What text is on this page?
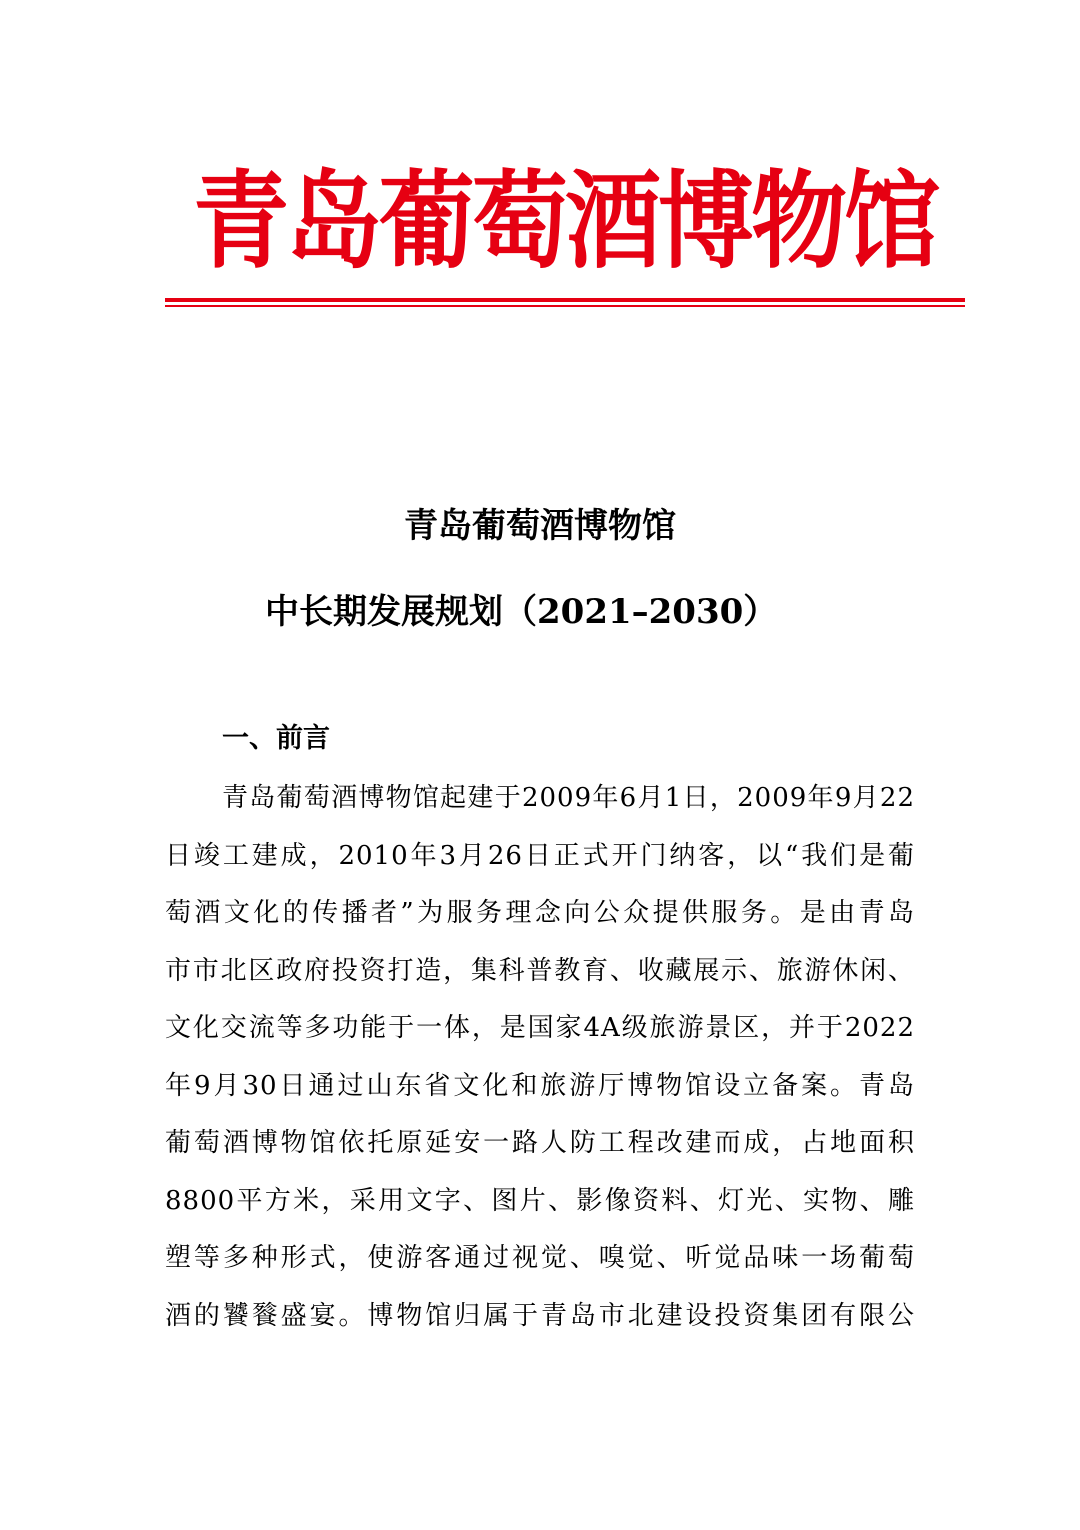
青岛葡萄酒博物馆
青岛葡萄酒博物馆
中长期发展规划（2021–2030）
一、前言
青岛葡萄酒博物馆起建于2009年6月1日，2009年9月22
日竣工建成，2010年3月26日正式开门纳客，以“我们是葡
萄酒文化的传播者”为服务理念向公众提供服务。是由青岛
市市北区政府投资打造，集科普教育、收藏展示、旅游休闲、
文化交流等多功能于一体，是国家4A级旅游景区，并于2022
年9月30日通过山东省文化和旅游厅博物馆设立备案。青岛
葡萄酒博物馆依托原延安一路人防工程改建而成，占地面积
8800平方米，采用文字、图片、影像资料、灯光、实物、雕
塑等多种形式，使游客通过视觉、嗅觉、听觉品味一场葡萄
酒的饕餮盛宴。博物馆归属于青岛市北建设投资集团有限公
